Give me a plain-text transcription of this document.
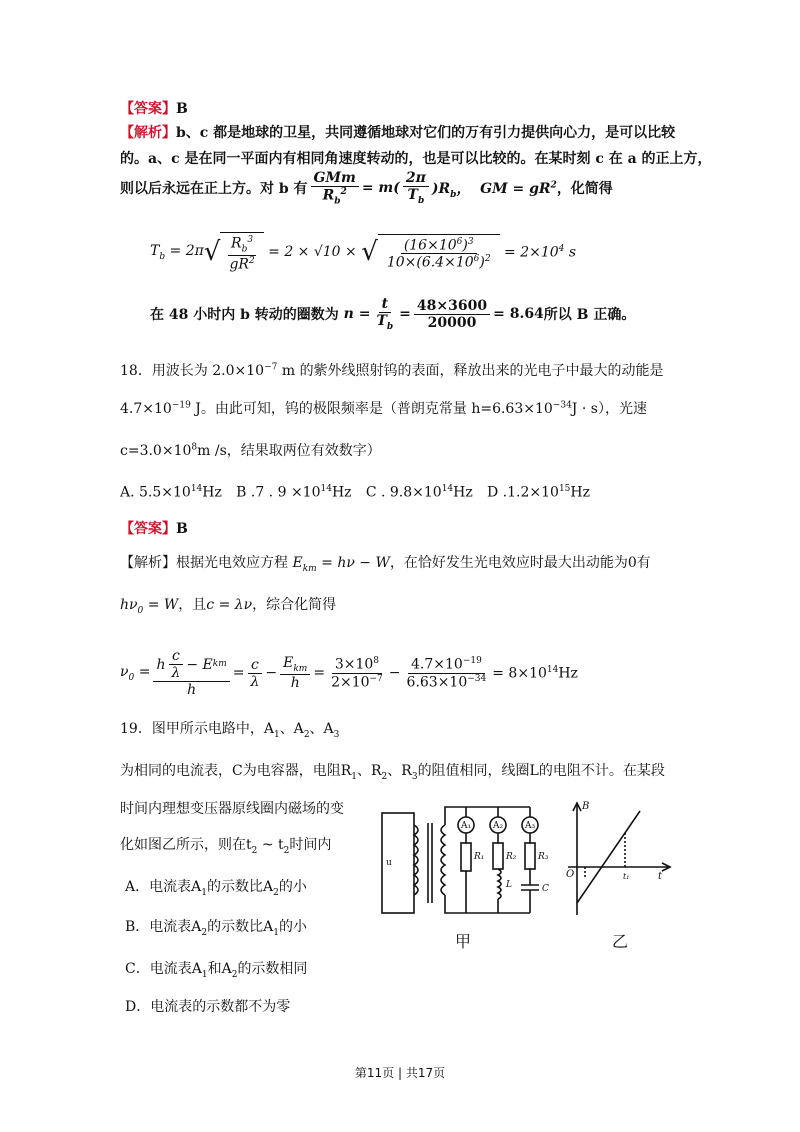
【答案】B
【解析】b、c 都是地球的卫星，共同遵循地球对它们的万有引力提供向心力，是可以比较
的。a、c 是在同一平面内有相同角速度转动的，也是可以比较的。在某时刻 c 在 a 的正上方，
则以后永远在正上方。对 b 有 $\frac{\text{GMm}}{R_b^2} = m( \frac{2\pi}{T_b} )R_b$，  GM = $gR^2$ ，化简得
$T_b = 2\pi$ √ $\frac{R_b^3}{gR^2} = 2 \times √10$ × √ $\frac{(16\times 10^6)^3}{10\times(6.4\times 10^6)^2} = 2\times 10^4$ s
在 48 小时内 b 转动的圈数为 $n = \frac{t}{T_b} = \frac{48\times 3600}{20000} = 8.64$ 所以 B 正确。
18．用波长为 $2.0\times 10^{-7}$ m 的紫外线照射钨的表面，释放出来的光电子中最大的动能是
$4.7\times 10^{-19}$ J。由此可知，钨的极限频率是（普朗克常量 $h=6.63\times 10^{-34}J \cdot s$），光速
$c=3.0\times 10^8m$ /s，结果取两位有效数字）
A. $5.5\times 10^{14}Hz$ B .7 . $9 \times 10^{14}Hz$ C . $9.8\times 10^{14}Hz$ D $.1.2\times 10^{15}Hz$
【答案】B
【解析】根据光电效应方程 $E_{km} = h\nu - W$，在恰好发生光电效应时最大出动能为0有
$h\nu_0 = W$，且c = λν，综合化简得
$\nu_0 = \frac{h \frac{c}{\lambda} - E km}{h} = \frac{c}{\lambda} - \frac{E_{km}}{h} = \frac{3\times 10^8}{2\times 10^{-7}} - \frac{4.7\times 10^{-19}}{6.63\times 10^{-34}} = 8\times 10^{14}Hz$
19．图甲所示电路中，$A_1$、$A_2$、$A_3$
为相同的电流表，C为电容器，电阻$R_1$、$R_2$、$R_3$的阻值相同，线圈L的电阻不计。在某段
时间内理想变压器原线圈内磁场的变
化如图乙所示，则在$t_2$ ~ $t_2$时间内
A．电流表$A_1$的示数比$A_2$的小
B．电流表$A_2$的示数比$A_1$的小
C．电流表$A_1$和$A_2$的示数相同
D．电流表的示数都不为零
A₁ A₂ A₃
R₁ R₂ R₃
L	C
u
B
O	t₁	t
甲	乙
第11页 | 共17页
